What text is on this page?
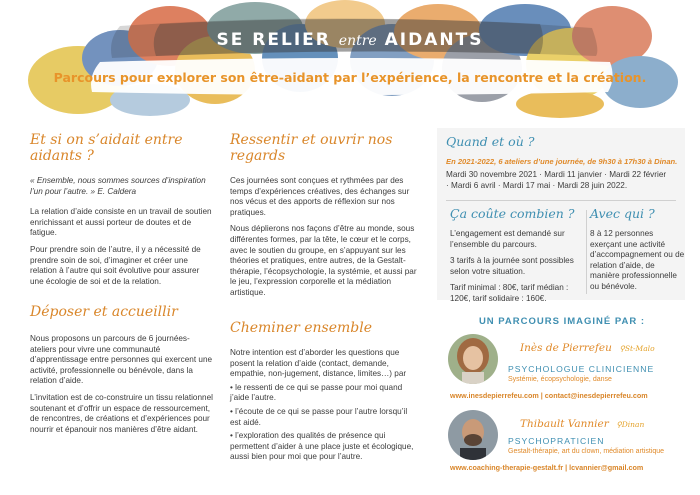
SE RELIER entre AIDANTS
Parcours pour explorer son être-aidant par l’expérience, la rencontre et la création.
Et si on s’aidait entre aidants ?

« Ensemble, nous sommes sources d’inspiration l’un pour l’autre. » E. Caldera

La relation d’aide consiste en un travail de soutien enrichissant et aussi porteur de doutes et de fatigue.

Pour prendre soin de l’autre, il y a nécessité de prendre soin de soi, d’imaginer et créer une relation à l’autre qui soit évolutive pour assurer une écologie de soi et de la relation.

Déposer et accueillir

Nous proposons un parcours de 6 journées-ateliers pour vivre une communauté d’apprentissage entre personnes qui exercent une activité, professionnelle ou bénévole, dans la relation d’aide.

L’invitation est de co-construire un tissu relationnel soutenant et d’offrir un espace de ressourcement, de rencontres, de créations et d’expériences pour nourrir et épanouir nos manières d’être aidant.

Ressentir et ouvrir nos regards

Ces journées sont conçues et rythmées par des temps d’expériences créatives, des échanges sur nos vécus et des apports de réflexion sur nos pratiques.

Nous déplierons nos façons d’être au monde, sous différentes formes, par la tête, le cœur et le corps, avec le soutien du groupe, en s’appuyant sur les théories et pratiques, entre autres, de la Gestalt-thérapie, l’écopsychologie, la systémie, et aussi par le jeu, l’expression corporelle et la médiation artistique.

Cheminer ensemble

Notre intention est d’aborder les questions que posent la relation d’aide (contact, demande, empathie, non-jugement, distance, limites…) par

• le ressenti de ce qui se passe pour moi quand j’aide l’autre.

• l’écoute de ce qui se passe pour l’autre lorsqu’il est aidé.

• l’exploration des qualités de présence qui permettent d’aider à une place juste et écologique, aussi bien pour moi que pour l’autre.

Quand et où ?
En 2021-2022, 6 ateliers d’une journée, de 9h30 à 17h30 à Dinan.
Mardi 30 novembre 2021 · Mardi 11 janvier · Mardi 22 février
· Mardi 6 avril · Mardi 17 mai · Mardi 28 juin 2022.
Ça coûte combien ?

L’engagement est demandé sur l’ensemble du parcours.

3 tarifs à la journée sont possibles selon votre situation.

Tarif minimal : 80€, tarif médian : 120€, tarif solidaire : 160€.

Avec qui ?
8 à 12 personnes exerçant une activité d’accompagnement ou de relation d’aide, de manière professionnelle ou bénévole.
UN PARCOURS IMAGINÉ PAR :
Inès de Pierrefeu ⚲St-Malo
PSYCHOLOGUE CLINICIENNE
Systémie, écopsychologie, danse
www.inesdepierrefeu.com | contact@inesdepierrefeu.com
Thibault Vannier ⚲Dinan
PSYCHOPRATICIEN
Gestalt-thérapie, art du clown, médiation artistique
www.coaching-therapie-gestalt.fr | lcvannier@gmail.com
